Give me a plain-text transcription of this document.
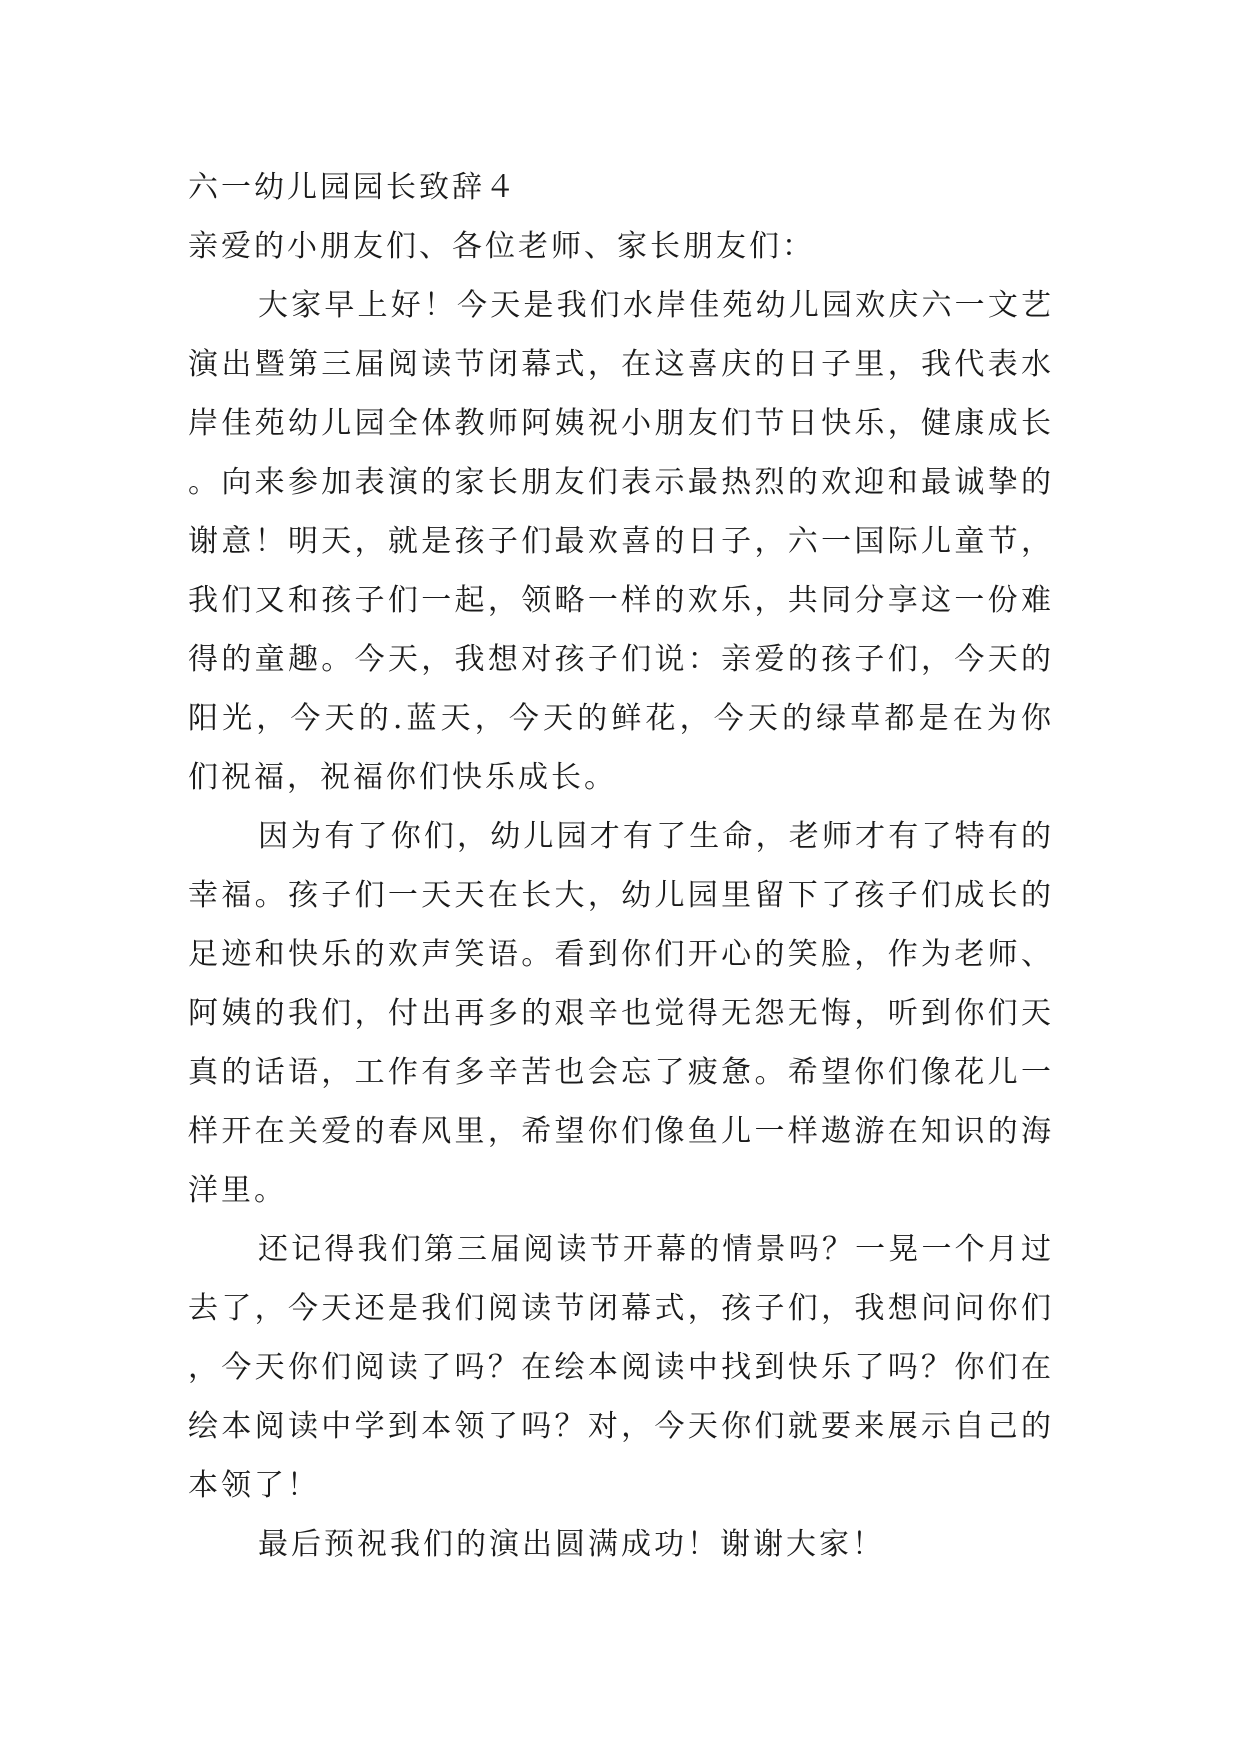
六一幼儿园园长致辞４

亲爱的小朋友们、各位老师、家长朋友们：

大家早上好！今天是我们水岸佳苑幼儿园欢庆六一文艺演出暨第三届阅读节闭幕式，在这喜庆的日子里，我代表水岸佳苑幼儿园全体教师阿姨祝小朋友们节日快乐，健康成长。向来参加表演的家长朋友们表示最热烈的欢迎和最诚挚的谢意！明天，就是孩子们最欢喜的日子，六一国际儿童节，我们又和孩子们一起，领略一样的欢乐，共同分享这一份难得的童趣。今天，我想对孩子们说：亲爱的孩子们，今天的阳光，今天的.蓝天，今天的鲜花，今天的绿草都是在为你们祝福，祝福你们快乐成长。

因为有了你们，幼儿园才有了生命，老师才有了特有的幸福。孩子们一天天在长大，幼儿园里留下了孩子们成长的足迹和快乐的欢声笑语。看到你们开心的笑脸，作为老师、阿姨的我们，付出再多的艰辛也觉得无怨无悔，听到你们天真的话语，工作有多辛苦也会忘了疲惫。希望你们像花儿一样开在关爱的春风里，希望你们像鱼儿一样遨游在知识的海洋里。

还记得我们第三届阅读节开幕的情景吗？一晃一个月过去了，今天还是我们阅读节闭幕式，孩子们，我想问问你们，今天你们阅读了吗？在绘本阅读中找到快乐了吗？你们在绘本阅读中学到本领了吗？对，今天你们就要来展示自己的本领了！

最后预祝我们的演出圆满成功！谢谢大家！
